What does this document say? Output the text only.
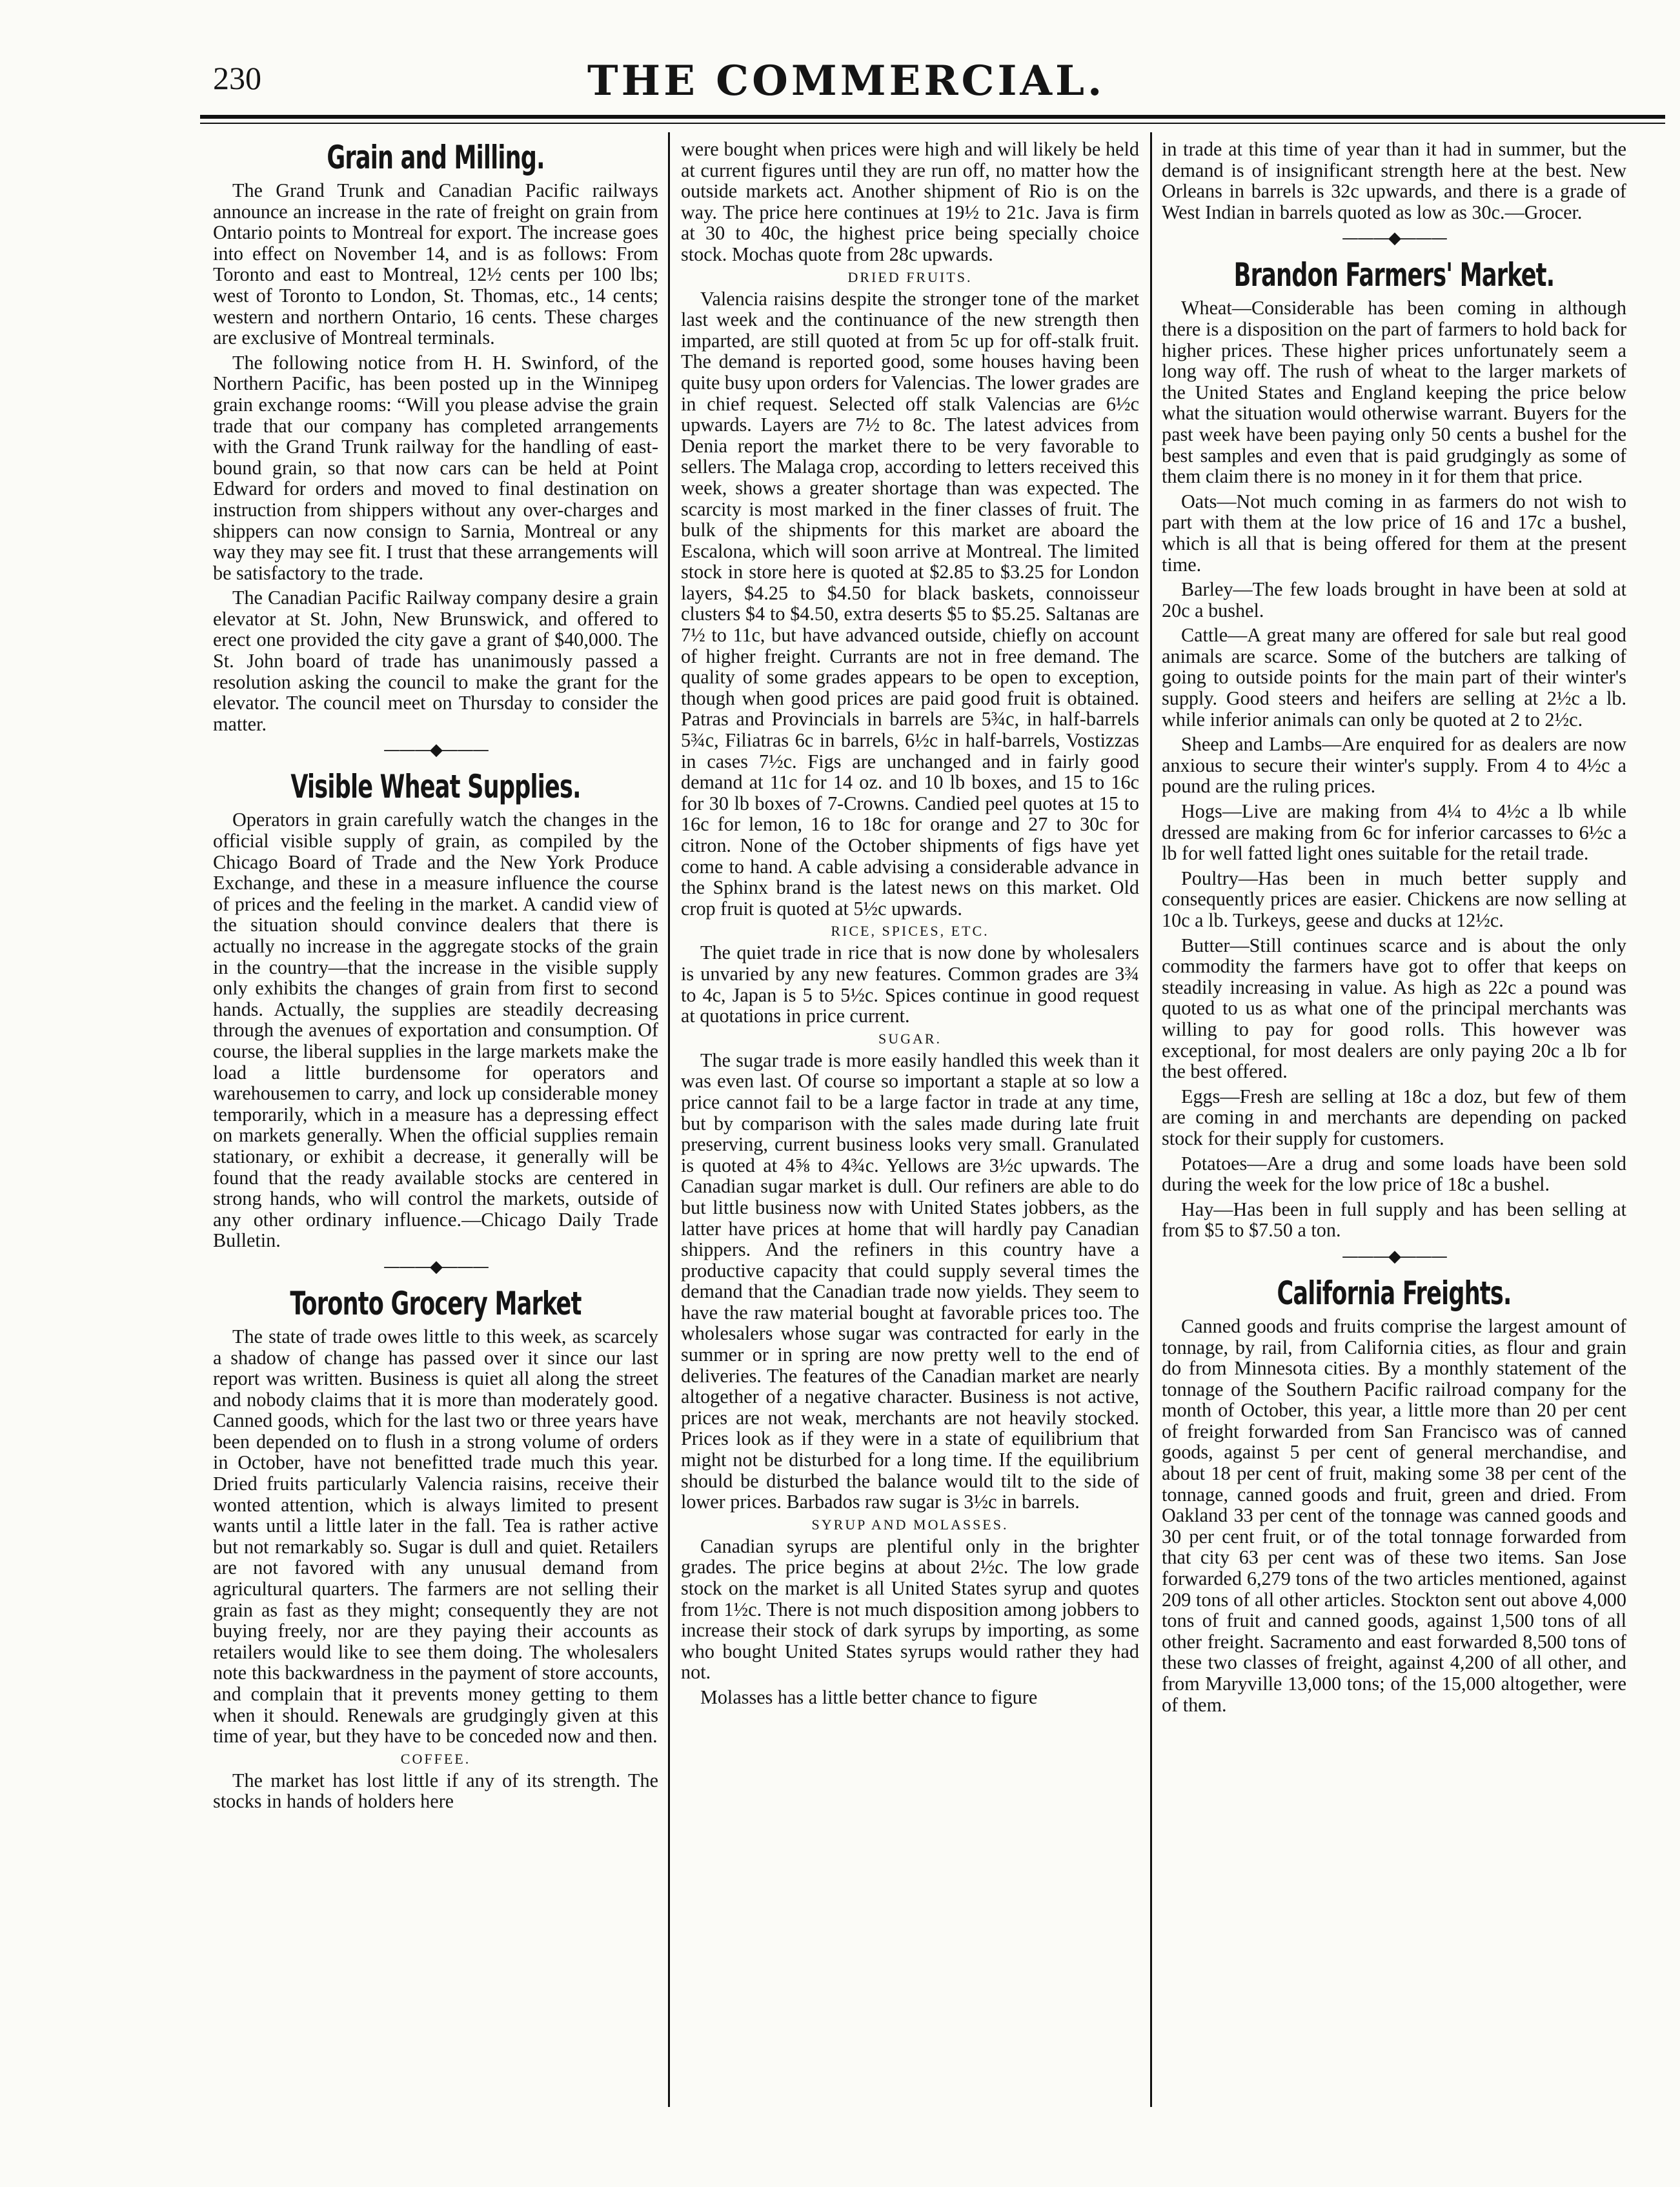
230	THE COMMERCIAL.
Grain and Milling.

The Grand Trunk and Canadian Pacific railways announce an increase in the rate of freight on grain from Ontario points to Montreal for export. The increase goes into effect on November 14, and is as follows: From Toronto and east to Montreal, 12½ cents per 100 lbs; west of Toronto to London, St. Thomas, etc., 14 cents; western and northern Ontario, 16 cents. These charges are exclusive of Montreal terminals.

The following notice from H. H. Swinford, of the Northern Pacific, has been posted up in the Winnipeg grain exchange rooms: “Will you please advise the grain trade that our company has completed arrangements with the Grand Trunk railway for the handling of east-bound grain, so that now cars can be held at Point Edward for orders and moved to final destination on instruction from shippers without any over-charges and shippers can now consign to Sarnia, Montreal or any way they may see fit. I trust that these arrangements will be satisfactory to the trade.

The Canadian Pacific Railway company desire a grain elevator at St. John, New Brunswick, and offered to erect one provided the city gave a grant of $40,000. The St. John board of trade has unanimously passed a resolution asking the council to make the grant for the elevator. The council meet on Thursday to consider the matter.

———◆———
Visible Wheat Supplies.

Operators in grain carefully watch the changes in the official visible supply of grain, as compiled by the Chicago Board of Trade and the New York Produce Exchange, and these in a measure influence the course of prices and the feeling in the market. A candid view of the situation should convince dealers that there is actually no increase in the aggregate stocks of the grain in the country—that the increase in the visible supply only exhibits the changes of grain from first to second hands. Actually, the supplies are steadily decreasing through the avenues of exportation and consumption. Of course, the liberal supplies in the large markets make the load a little burdensome for operators and warehousemen to carry, and lock up considerable money temporarily, which in a measure has a depressing effect on markets generally. When the official supplies remain stationary, or exhibit a decrease, it generally will be found that the ready available stocks are centered in strong hands, who will control the markets, outside of any other ordinary influence.—Chicago Daily Trade Bulletin.

———◆———
Toronto Grocery Market

The state of trade owes little to this week, as scarcely a shadow of change has passed over it since our last report was written. Business is quiet all along the street and nobody claims that it is more than moderately good. Canned goods, which for the last two or three years have been depended on to flush in a strong volume of orders in October, have not benefitted trade much this year. Dried fruits particularly Valencia raisins, receive their wonted attention, which is always limited to present wants until a little later in the fall. Tea is rather active but not remarkably so. Sugar is dull and quiet. Retailers are not favored with any unusual demand from agricultural quarters. The farmers are not selling their grain as fast as they might; consequently they are not buying freely, nor are they paying their accounts as retailers would like to see them doing. The wholesalers note this backwardness in the payment of store accounts, and complain that it prevents money getting to them when it should. Renewals are grudgingly given at this time of year, but they have to be conceded now and then.

COFFEE.

The market has lost little if any of its strength. The stocks in hands of holders here

were bought when prices were high and will likely be held at current figures until they are run off, no matter how the outside markets act. Another shipment of Rio is on the way. The price here continues at 19½ to 21c. Java is firm at 30 to 40c, the highest price being specially choice stock. Mochas quote from 28c upwards.

DRIED FRUITS.

Valencia raisins despite the stronger tone of the market last week and the continuance of the new strength then imparted, are still quoted at from 5c up for off-stalk fruit. The demand is reported good, some houses having been quite busy upon orders for Valencias. The lower grades are in chief request. Selected off stalk Valencias are 6½c upwards. Layers are 7½ to 8c. The latest advices from Denia report the market there to be very favorable to sellers. The Malaga crop, according to letters received this week, shows a greater shortage than was expected. The scarcity is most marked in the finer classes of fruit. The bulk of the shipments for this market are aboard the Escalona, which will soon arrive at Montreal. The limited stock in store here is quoted at $2.85 to $3.25 for London layers, $4.25 to $4.50 for black baskets, connoisseur clusters $4 to $4.50, extra deserts $5 to $5.25. Saltanas are 7½ to 11c, but have advanced outside, chiefly on account of higher freight. Currants are not in free demand. The quality of some grades appears to be open to exception, though when good prices are paid good fruit is obtained. Patras and Provincials in barrels are 5¾c, in half-barrels 5¾c, Filiatras 6c in barrels, 6½c in half-barrels, Vostizzas in cases 7½c. Figs are unchanged and in fairly good demand at 11c for 14 oz. and 10 lb boxes, and 15 to 16c for 30 lb boxes of 7-Crowns. Candied peel quotes at 15 to 16c for lemon, 16 to 18c for orange and 27 to 30c for citron. None of the October shipments of figs have yet come to hand. A cable advising a considerable advance in the Sphinx brand is the latest news on this market. Old crop fruit is quoted at 5½c upwards.

RICE, SPICES, ETC.

The quiet trade in rice that is now done by wholesalers is unvaried by any new features. Common grades are 3¾ to 4c, Japan is 5 to 5½c. Spices continue in good request at quotations in price current.

SUGAR.

The sugar trade is more easily handled this week than it was even last. Of course so important a staple at so low a price cannot fail to be a large factor in trade at any time, but by comparison with the sales made during late fruit preserving, current business looks very small. Granulated is quoted at 4⅝ to 4¾c. Yellows are 3½c upwards. The Canadian sugar market is dull. Our refiners are able to do but little business now with United States jobbers, as the latter have prices at home that will hardly pay Canadian shippers. And the refiners in this country have a productive capacity that could supply several times the demand that the Canadian trade now yields. They seem to have the raw material bought at favorable prices too. The wholesalers whose sugar was contracted for early in the summer or in spring are now pretty well to the end of deliveries. The features of the Canadian market are nearly altogether of a negative character. Business is not active, prices are not weak, merchants are not heavily stocked. Prices look as if they were in a state of equilibrium that might not be disturbed for a long time. If the equilibrium should be disturbed the balance would tilt to the side of lower prices. Barbados raw sugar is 3½c in barrels.

SYRUP AND MOLASSES.

Canadian syrups are plentiful only in the brighter grades. The price begins at about 2½c. The low grade stock on the market is all United States syrup and quotes from 1½c. There is not much disposition among jobbers to increase their stock of dark syrups by importing, as some who bought United States syrups would rather they had not.

Molasses has a little better chance to figure

in trade at this time of year than it had in summer, but the demand is of insignificant strength here at the best. New Orleans in barrels is 32c upwards, and there is a grade of West Indian in barrels quoted as low as 30c.—Grocer.

———◆———
Brandon Farmers' Market.

Wheat—Considerable has been coming in although there is a disposition on the part of farmers to hold back for higher prices. These higher prices unfortunately seem a long way off. The rush of wheat to the larger markets of the United States and England keeping the price below what the situation would otherwise warrant. Buyers for the past week have been paying only 50 cents a bushel for the best samples and even that is paid grudgingly as some of them claim there is no money in it for them that price.

Oats—Not much coming in as farmers do not wish to part with them at the low price of 16 and 17c a bushel, which is all that is being offered for them at the present time.

Barley—The few loads brought in have been at sold at 20c a bushel.

Cattle—A great many are offered for sale but real good animals are scarce. Some of the butchers are talking of going to outside points for the main part of their winter's supply. Good steers and heifers are selling at 2½c a lb. while inferior animals can only be quoted at 2 to 2½c.

Sheep and Lambs—Are enquired for as dealers are now anxious to secure their winter's supply. From 4 to 4½c a pound are the ruling prices.

Hogs—Live are making from 4¼ to 4½c a lb while dressed are making from 6c for inferior carcasses to 6½c a lb for well fatted light ones suitable for the retail trade.

Poultry—Has been in much better supply and consequently prices are easier. Chickens are now selling at 10c a lb. Turkeys, geese and ducks at 12½c.

Butter—Still continues scarce and is about the only commodity the farmers have got to offer that keeps on steadily increasing in value. As high as 22c a pound was quoted to us as what one of the principal merchants was willing to pay for good rolls. This however was exceptional, for most dealers are only paying 20c a lb for the best offered.

Eggs—Fresh are selling at 18c a doz, but few of them are coming in and merchants are depending on packed stock for their supply for customers.

Potatoes—Are a drug and some loads have been sold during the week for the low price of 18c a bushel.

Hay—Has been in full supply and has been selling at from $5 to $7.50 a ton.

———◆———
California Freights.

Canned goods and fruits comprise the largest amount of tonnage, by rail, from California cities, as flour and grain do from Minnesota cities. By a monthly statement of the tonnage of the Southern Pacific railroad company for the month of October, this year, a little more than 20 per cent of freight forwarded from San Francisco was of canned goods, against 5 per cent of general merchandise, and about 18 per cent of fruit, making some 38 per cent of the tonnage, canned goods and fruit, green and dried. From Oakland 33 per cent of the tonnage was canned goods and 30 per cent fruit, or of the total tonnage forwarded from that city 63 per cent was of these two items. San Jose forwarded 6,279 tons of the two articles mentioned, against 209 tons of all other articles. Stockton sent out above 4,000 tons of fruit and canned goods, against 1,500 tons of all other freight. Sacramento and east forwarded 8,500 tons of these two classes of freight, against 4,200 of all other, and from Maryville 13,000 tons; of the 15,000 altogether, were of them.
